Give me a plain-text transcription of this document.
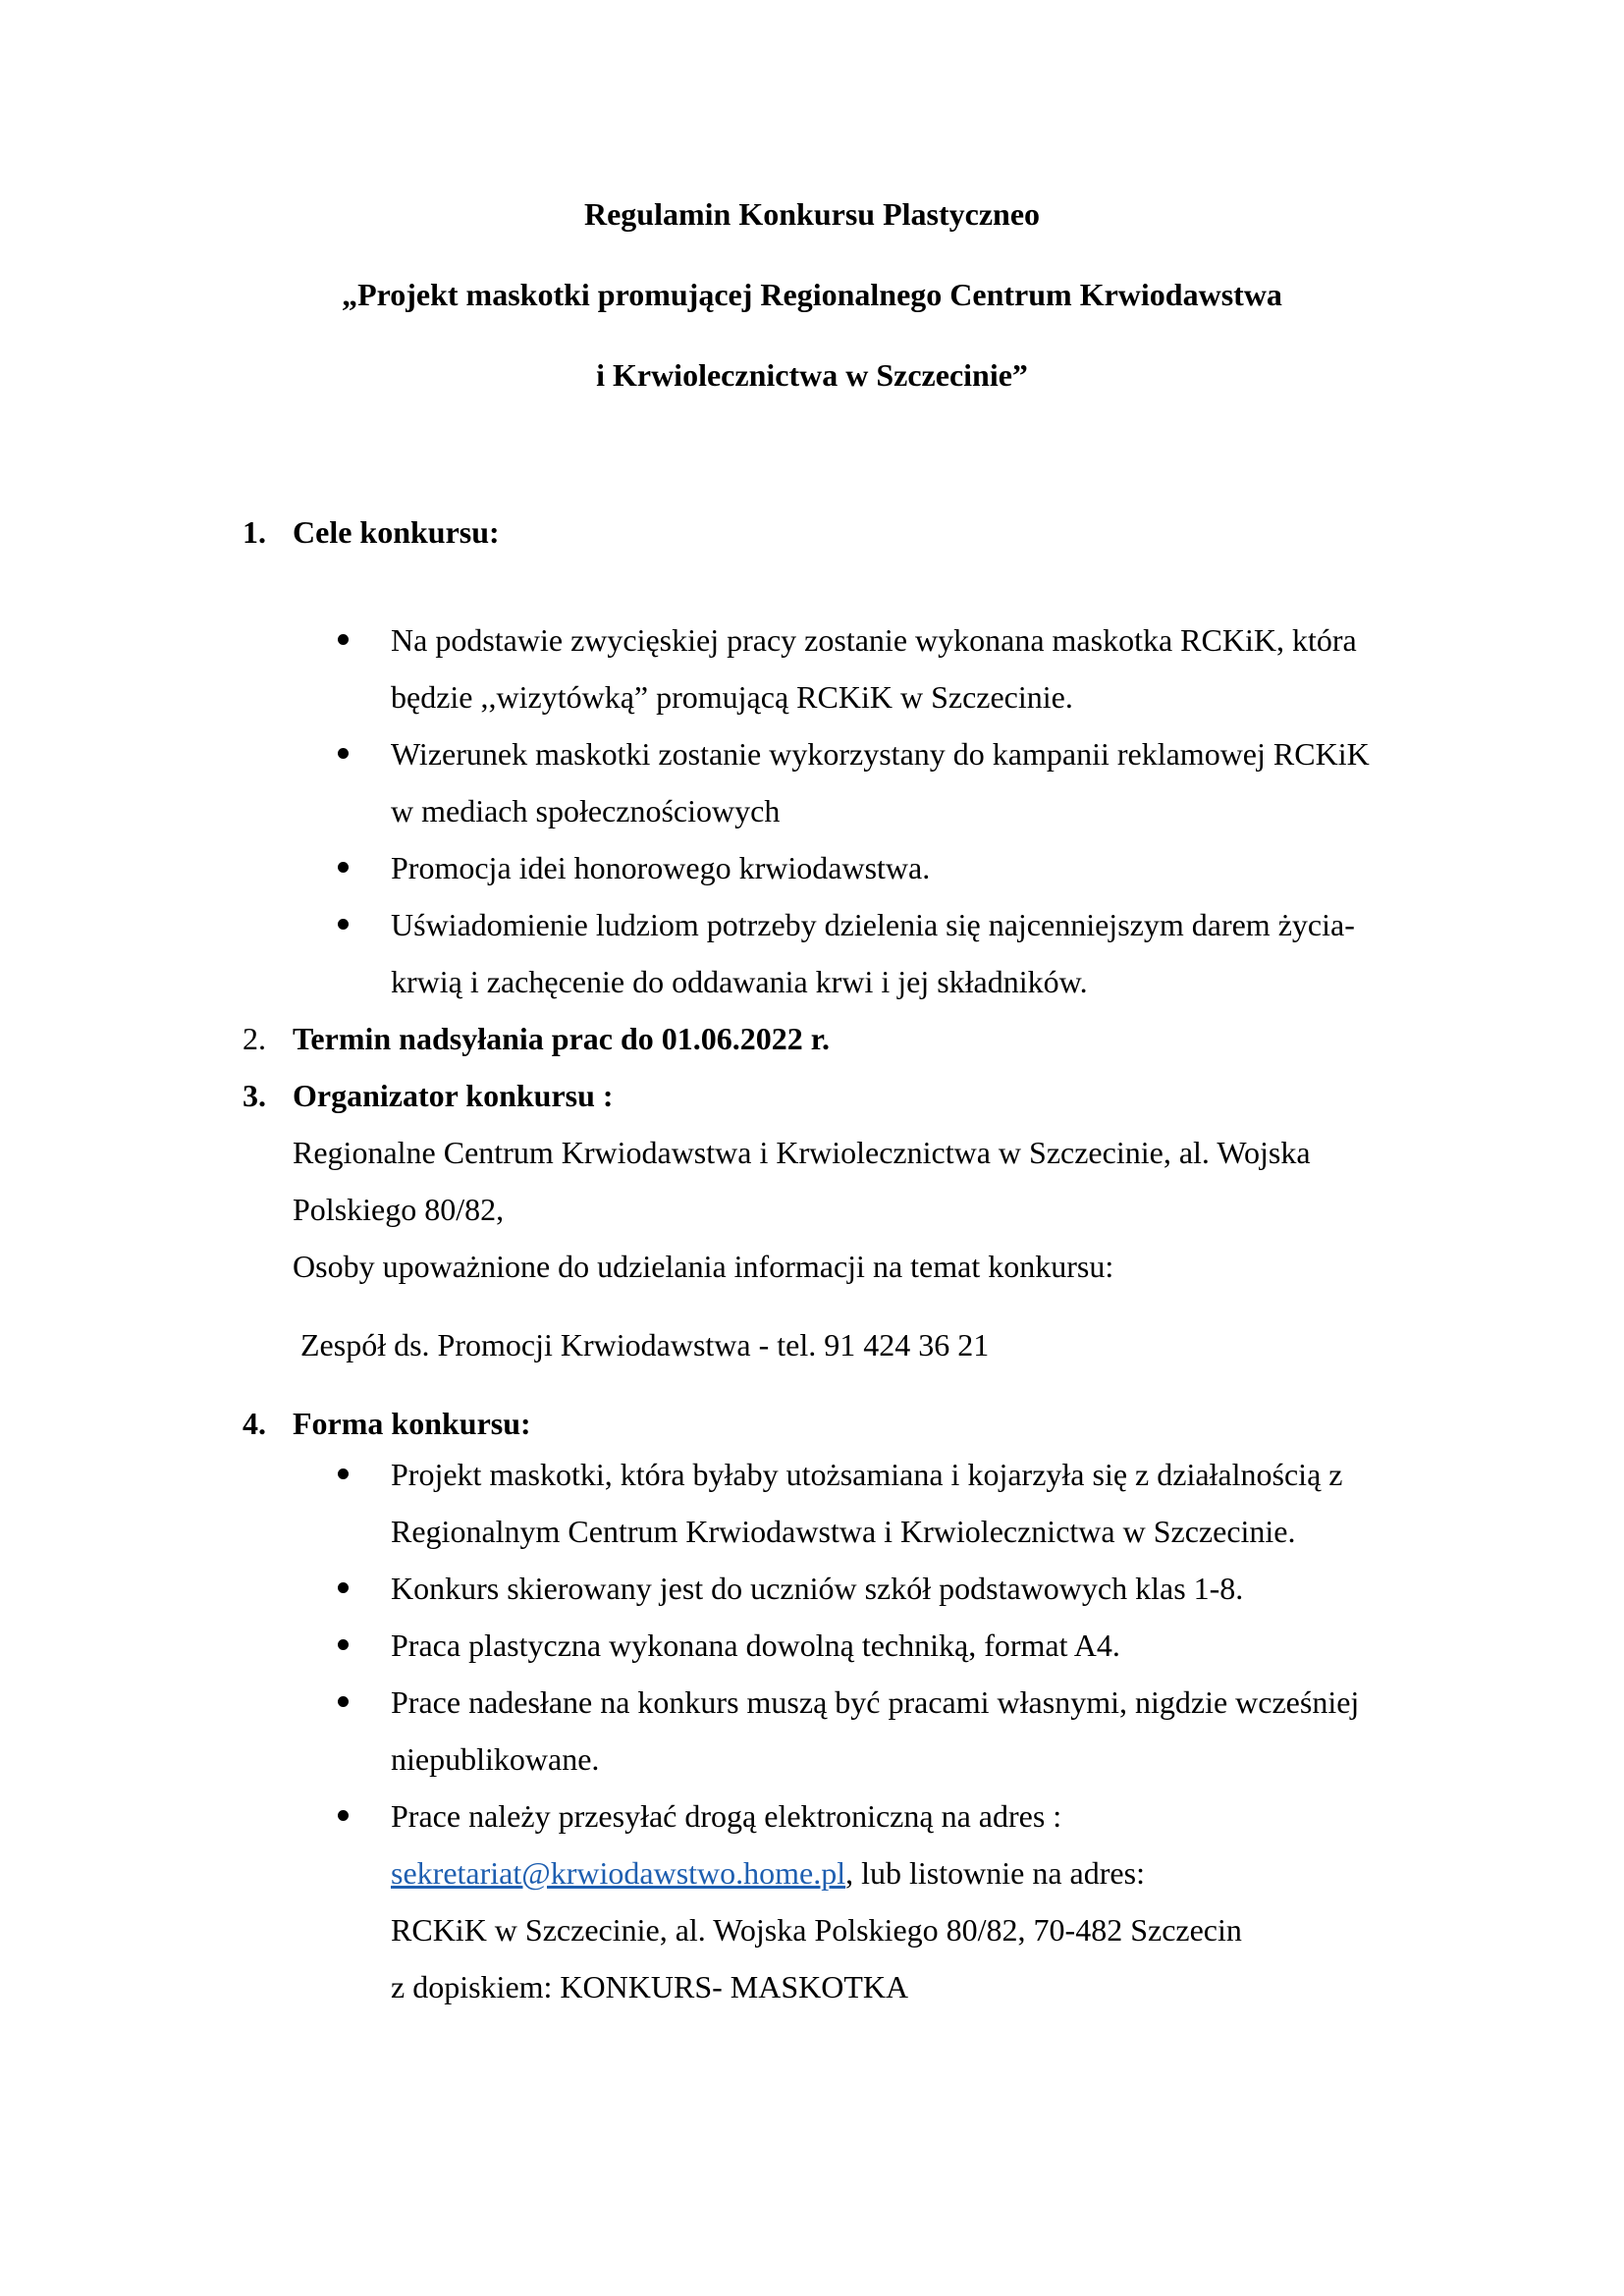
Regulamin Konkursu Plastyczneo
„Projekt maskotki promującej Regionalnego Centrum Krwiodawstwa
i Krwiolecznictwa w Szczecinie”
1. Cele konkursu:
Na podstawie zwycięskiej pracy zostanie wykonana maskotka RCKiK, która
będzie ,,wizytówką” promującą RCKiK w Szczecinie.
Wizerunek maskotki zostanie wykorzystany do kampanii reklamowej RCKiK
w mediach społecznościowych
Promocja idei honorowego krwiodawstwa.
Uświadomienie ludziom potrzeby dzielenia się najcenniejszym darem życia-
krwią i zachęcenie do oddawania krwi i jej składników.
2. Termin nadsyłania prac do 01.06.2022 r.
3. Organizator konkursu :
Regionalne Centrum Krwiodawstwa i Krwiolecznictwa w Szczecinie, al. Wojska
Polskiego 80/82,
Osoby upoważnione do udzielania informacji na temat konkursu:
Zespół ds. Promocji Krwiodawstwa - tel. 91 424 36 21
4. Forma konkursu:
Projekt maskotki, która byłaby utożsamiana i kojarzyła się z działalnością z
Regionalnym Centrum Krwiodawstwa i Krwiolecznictwa w Szczecinie.
Konkurs skierowany jest do uczniów szkół podstawowych klas 1-8.
Praca plastyczna wykonana dowolną techniką, format A4.
Prace nadesłane na konkurs muszą być pracami własnymi, nigdzie wcześniej
niepublikowane.
Prace należy przesyłać drogą elektroniczną na adres :
sekretariat@krwiodawstwo.home.pl, lub listownie na adres:
RCKiK w Szczecinie, al. Wojska Polskiego 80/82, 70-482 Szczecin
z dopiskiem: KONKURS- MASKOTKA
